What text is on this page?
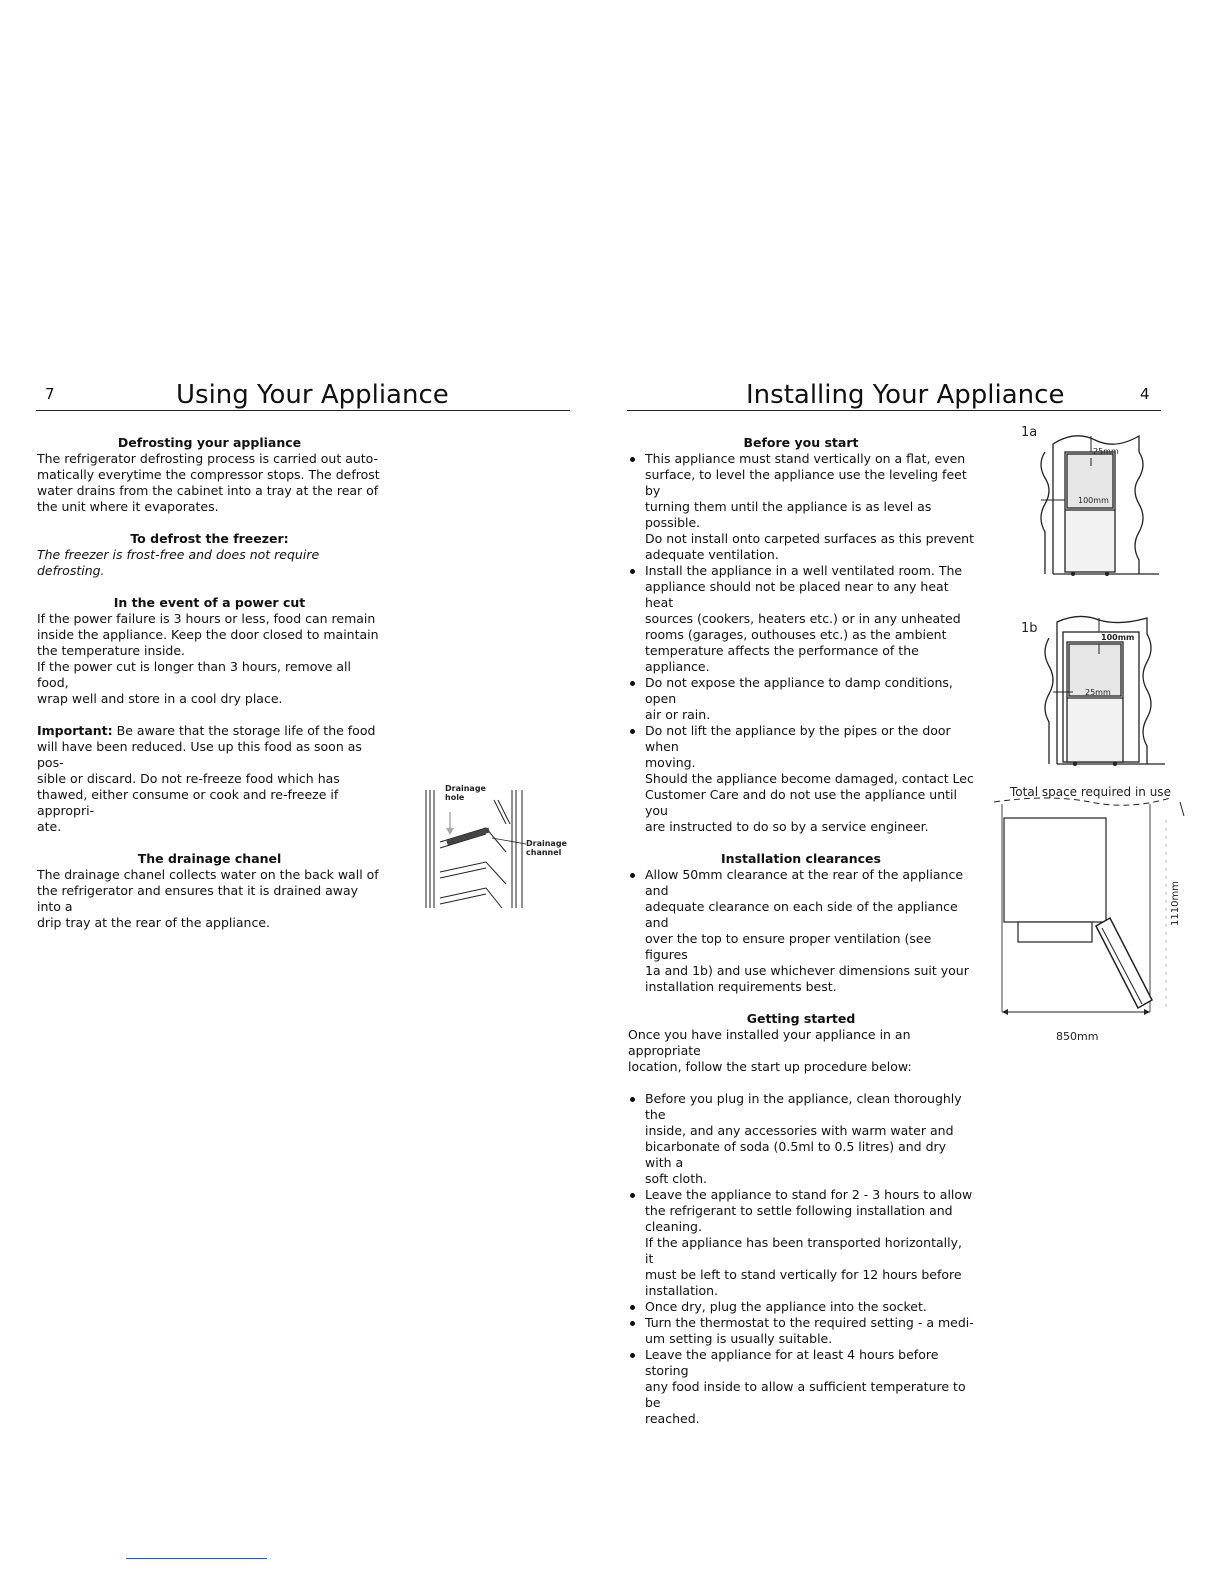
7	Using Your Appliance
Defrosting your appliance
The refrigerator defrosting process is carried out auto-
matically everytime the compressor stops. The defrost
water drains from the cabinet into a tray at the rear of
the unit where it evaporates.
To defrost the freezer:
The freezer is frost-free and does not require defrosting.
In the event of a power cut
If the power failure is 3 hours or less, food can remain
inside the appliance. Keep the door closed to maintain
the temperature inside.
If the power cut is longer than 3 hours, remove all food,
wrap well and store in a cool dry place.
Important: Be aware that the storage life of the food
will have been reduced. Use up this food as soon as pos-
sible or discard. Do not re-freeze food which has
thawed, either consume or cook and re-freeze if appropri-
ate.
The drainage chanel
The drainage chanel collects water on the back wall of
the refrigerator and ensures that it is drained away into a
drip tray at the rear of the appliance.
Drainage
hole
Drainage
channel
Installing Your Appliance	4
Before you start
This appliance must stand vertically on a flat, even
surface, to level the appliance use the leveling feet by
turning them until the appliance is as level as possible.
Do not install onto carpeted surfaces as this prevent
adequate ventilation.
Install the appliance in a well ventilated room. The
appliance should not be placed near to any heat heat
sources (cookers, heaters etc.) or in any unheated
rooms (garages, outhouses etc.) as the ambient
temperature affects the performance of the appliance.
Do not expose the appliance to damp conditions, open
air or rain.
Do not lift the appliance by the pipes or the door when
moving.
Should the appliance become damaged, contact Lec
Customer Care and do not use the appliance until you
are instructed to do so by a service engineer.
Installation clearances
Allow 50mm clearance at the rear of the appliance and
adequate clearance on each side of the appliance and
over the top to ensure proper ventilation (see figures
1a and 1b) and use whichever dimensions suit your
installation requirements best.
Getting started
Once you have installed your appliance in an appropriate
location, follow the start up procedure below:
Before you plug in the appliance, clean thoroughly the
inside, and any accessories with warm water and
bicarbonate of soda (0.5ml to 0.5 litres) and dry with a
soft cloth.
Leave the appliance to stand for 2 - 3 hours to allow
the refrigerant to settle following installation and
cleaning.
If the appliance has been transported horizontally, it
must be left to stand vertically for 12 hours before
installation.
Once dry, plug the appliance into the socket.
Turn the thermostat to the required setting - a medi-
um setting is usually suitable.
Leave the appliance for at least 4 hours before storing
any food inside to allow a sufficient temperature to be
reached.
1a
25mm
100mm
1b
100mm
25mm
Total space required in use
1110mm
850mm
